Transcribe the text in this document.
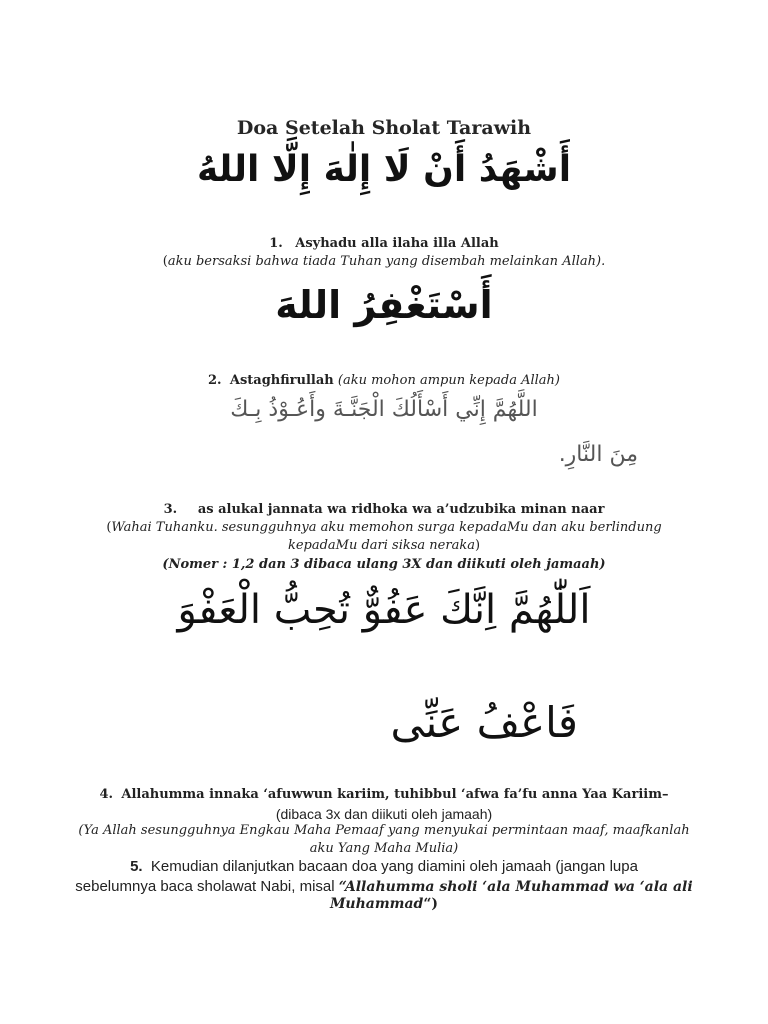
Doa Setelah Sholat Tarawih
أَشْهَدُ أَنْ لَا إِلٰهَ إِلَّا اللهُ
1. Asyhadu alla ilaha illa Allah
(aku bersaksi bahwa tiada Tuhan yang disembah melainkan Allah).
أَسْتَغْفِرُ اللهَ
2. Astaghfirullah (aku mohon ampun kepada Allah)
اللَّهُمَّ إِنِّي أَسْأَلُكَ الْجَنَّـةَ وأَعُـوْذُ بِـكَ
مِنَ النَّارِ.
3. as alukal jannata wa ridhoka wa a’udzubika minan naar
(Wahai Tuhanku. sesungguhnya aku memohon surga kepadaMu dan aku berlindung
kepadaMu dari siksa neraka)
(Nomer : 1,2 dan 3 dibaca ulang 3X dan diikuti oleh jamaah)
اَللّٰهُمَّ اِنَّكَ عَفُوٌّ تُحِبُّ الْعَفْوَ
فَاعْفُ عَنِّى
4. Allahumma innaka ‘afuwwun kariim, tuhibbul ‘afwa fa’fu anna Yaa Kariim–
(dibaca 3x dan diikuti oleh jamaah)
(Ya Allah sesungguhnya Engkau Maha Pemaaf yang menyukai permintaan maaf, maafkanlah
aku Yang Maha Mulia)
5. Kemudian dilanjutkan bacaan doa yang diamini oleh jamaah (jangan lupa
sebelumnya baca sholawat Nabi, misal “Allahumma sholi ‘ala Muhammad wa ‘ala ali
Muhammad“)
